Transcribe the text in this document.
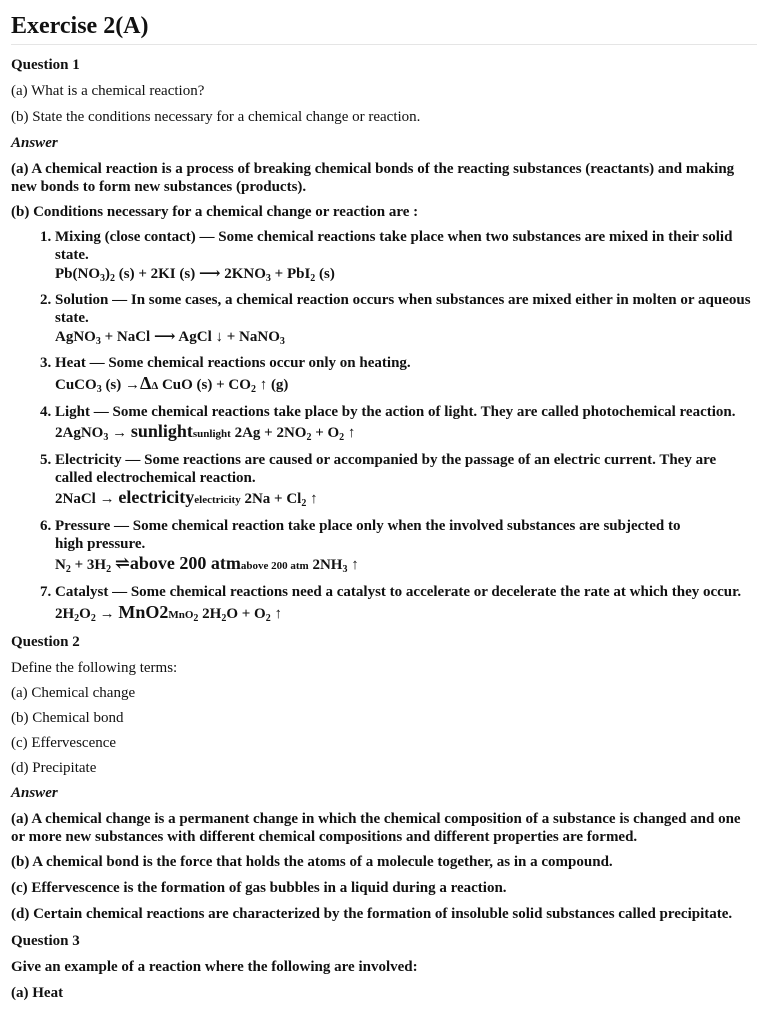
Exercise 2(A)

Question 1

(a) What is a chemical reaction?

(b) State the conditions necessary for a chemical change or reaction.

Answer

(a) A chemical reaction is a process of breaking chemical bonds of the reacting substances (reactants) and making new bonds to form new substances (products).

(b) Conditions necessary for a chemical change or reaction are :

1. Mixing (close contact) — Some chemical reactions take place when two substances are mixed in their solid state.
$Pb(NO_3)_2$ (s) + 2KI (s) ⟶ $2KNO_3 + PbI_2$ (s)
2. Solution — In some cases, a chemical reaction occurs when substances are mixed either in molten or aqueous state.
AgNO$_3$ + NaCl ⟶ AgCl ↓ + NaNO$_3$
3. Heat — Some chemical reactions occur only on heating.
CuCO$_3$ (s) →ΔΔ CuO $(s) + CO_2$ ↑ (g)
4. Light — Some chemical reactions take place by the action of light. They are called photochemical reaction.
2AgNO$_3$ → sunlightsunlight $2Ag + 2NO_2 + O_2$ ↑
5. Electricity — Some reactions are caused or accompanied by the passage of an electric current. They are called electrochemical reaction.
2NaCl → electricityelectricity $2Na + Cl_2$ ↑
6. Pressure — Some chemical reaction take place only when the involved substances are subjected to
high pressure.
$N_2 + 3H_2$ ⇌above 200 atmabove 200 atm $2NH_3$ ↑
7. Catalyst — Some chemical reactions need a catalyst to accelerate or decelerate the rate at which they occur.
$2H_2O_2 \to MnO2MnO_2$ $2H_2O + O_2$ ↑

Question 2

Define the following terms:

(a) Chemical change

(b) Chemical bond

(c) Effervescence

(d) Precipitate

Answer

(a) A chemical change is a permanent change in which the chemical composition of a substance is changed and one or more new substances with different chemical compositions and different properties are formed.

(b) A chemical bond is the force that holds the atoms of a molecule together, as in a compound.

(c) Effervescence is the formation of gas bubbles in a liquid during a reaction.

(d) Certain chemical reactions are characterized by the formation of insoluble solid substances called precipitate.

Question 3

Give an example of a reaction where the following are involved:

(a) Heat
